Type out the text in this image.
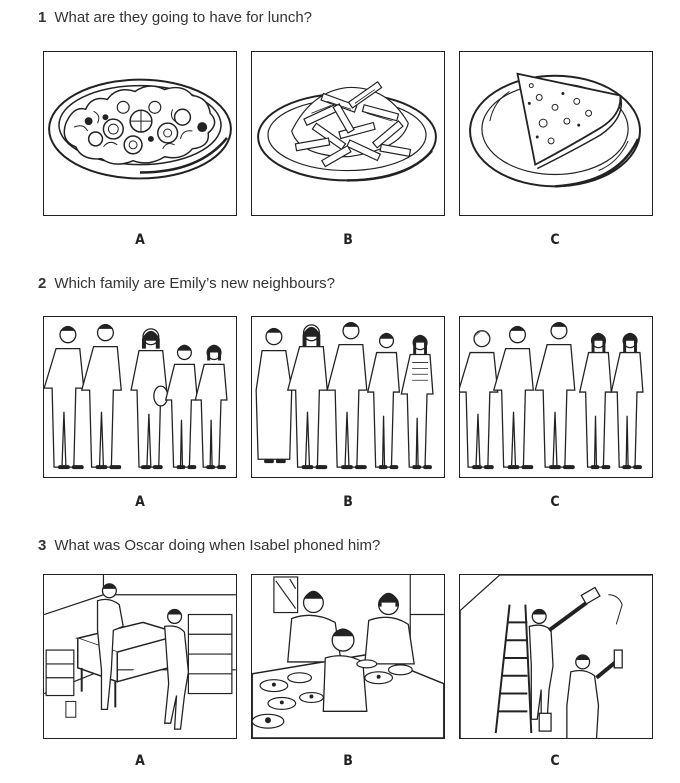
1 What are they going to have for lunch?
A	B	C
2 Which family are Emily’s new neighbours?
A	B	C
3 What was Oscar doing when Isabel phoned him?
A	B	C
